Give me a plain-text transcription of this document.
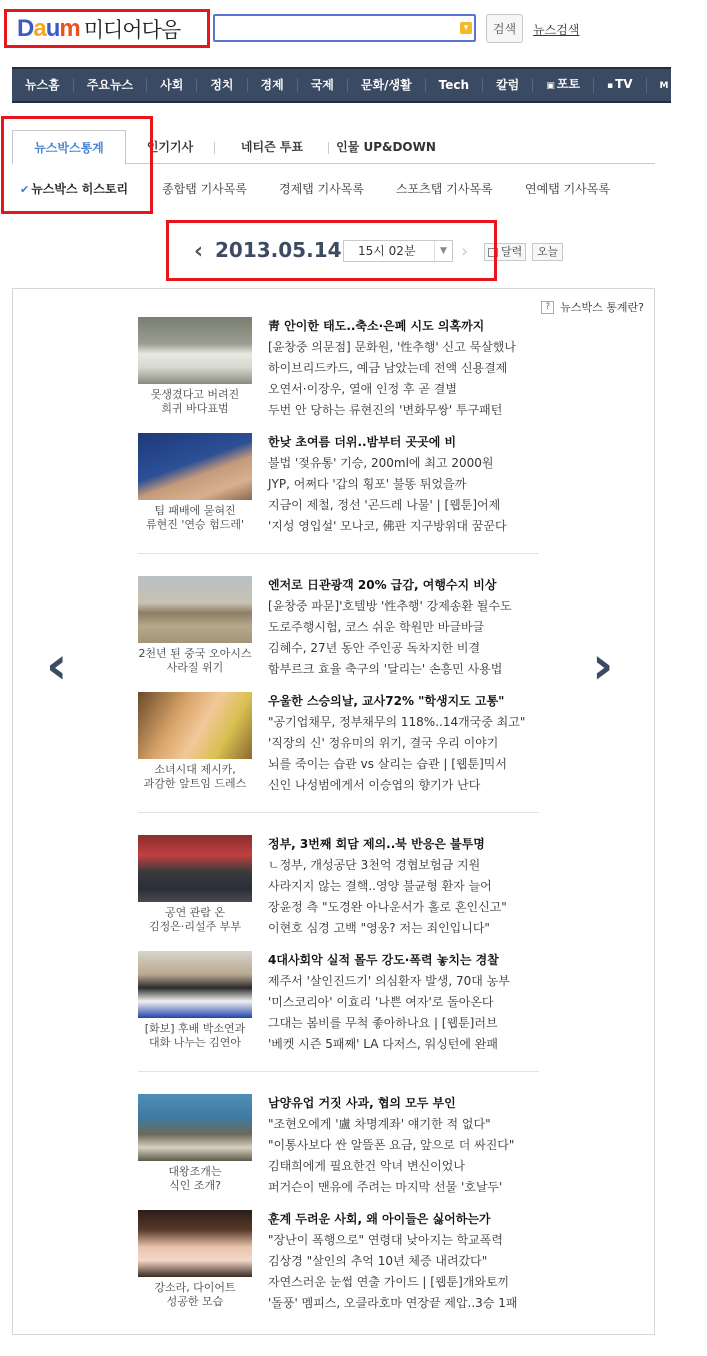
Daum 미디어다음	▾	검색	뉴스검색
뉴스홈	주요뉴스	사회	정치	경제	국제	문화/생활	Tech	칼럼	▣ 포토	▪ TV	M 매거
뉴스박스통계	인기기사	네티즌 투표	인물 UP&DOWN
✔ 뉴스박스 히스토리	종합탭 기사목록	경제탭 기사목록	스포츠탭 기사목록	연예탭 기사목록
‹ 2013.05.14	15시 02분	▼ ›	달력	오늘
? 뉴스박스 통계란?
‹	›
못생겼다고 버려진
희귀 바다표범
靑 안이한 태도..축소·은폐 시도 의혹까지
[윤창중 의문점] 문화원, '性추행' 신고 묵살했나
하이브리드카드, 예금 남았는데 전액 신용결제
오연서·이장우, 열애 인정 후 곧 결별
두번 안 당하는 류현진의 '변화무쌍' 투구패턴
팀 패배에 묻혀진
류현진 '연승 험드레'
한낮 초여름 더위..밤부터 곳곳에 비
불법 '젖유통' 기승, 200ml에 최고 2000원
JYP, 어쩌다 '갑의 횡포' 불똥 튀었을까
지금이 제철, 정선 '곤드레 나물' | [웹툰]어제
'지성 영입설' 모나코, 佛판 지구방위대 꿈꾼다
2천년 된 중국 오아시스
사라질 위기
엔저로 日관광객 20% 급감, 여행수지 비상
[윤창중 파문]'호텔방 '性추행' 강제송환 될수도
도로주행시험, 코스 쉬운 학원만 바글바글
김혜수, 27년 동안 주인공 독차지한 비결
함부르크 효율 축구의 '달리는' 손흥민 사용법
소녀시대 제시카,
과감한 앞트임 드레스
우울한 스승의날, 교사72% "학생지도 고통"
"공기업채무, 정부채무의 118%..14개국중 최고"
'직장의 신' 정유미의 위기, 결국 우리 이야기
뇌를 죽이는 습관 vs 살리는 습관 | [웹툰]믹서
신인 나성범에게서 이승엽의 향기가 난다
공연 관람 온
김정은·리설주 부부
정부, 3번째 회담 제의..북 반응은 불투명
ㄴ정부, 개성공단 3천억 경협보험금 지원
사라지지 않는 결핵..영양 불균형 환자 늘어
장윤정 측 "도경완 아나운서가 홀로 혼인신고"
이현호 심경 고백 "영웅? 저는 죄인입니다"
[화보] 후배 박소연과
대화 나누는 김연아
4대사회악 실적 몰두 강도·폭력 놓치는 경찰
제주서 '살인진드기' 의심환자 발생, 70대 농부
'미스코리아' 이효리 '나쁜 여자'로 돌아온다
그대는 봄비를 무척 좋아하나요 | [웹툰]러브
'베켓 시즌 5패째' LA 다저스, 워싱턴에 완패
대왕조개는
식인 조개?
남양유업 거짓 사과, 협의 모두 부인
"조현오에게 '盧 차명계좌' 얘기한 적 없다"
"이통사보다 싼 알뜰폰 요금, 앞으로 더 싸진다"
김태희에게 필요한건 악녀 변신이었나
퍼거슨이 맨유에 주려는 마지막 선물 '호날두'
강소라, 다이어트
성공한 모습
훈계 두려운 사회, 왜 아이들은 싫어하는가
"장난이 폭행으로" 연령대 낮아지는 학교폭력
김상경 "살인의 추억 10년 체증 내려갔다"
자연스러운 눈썹 연출 가이드 | [웹툰]개와토끼
'돌풍' 멤피스, 오클라호마 연장끝 제압..3승 1패
